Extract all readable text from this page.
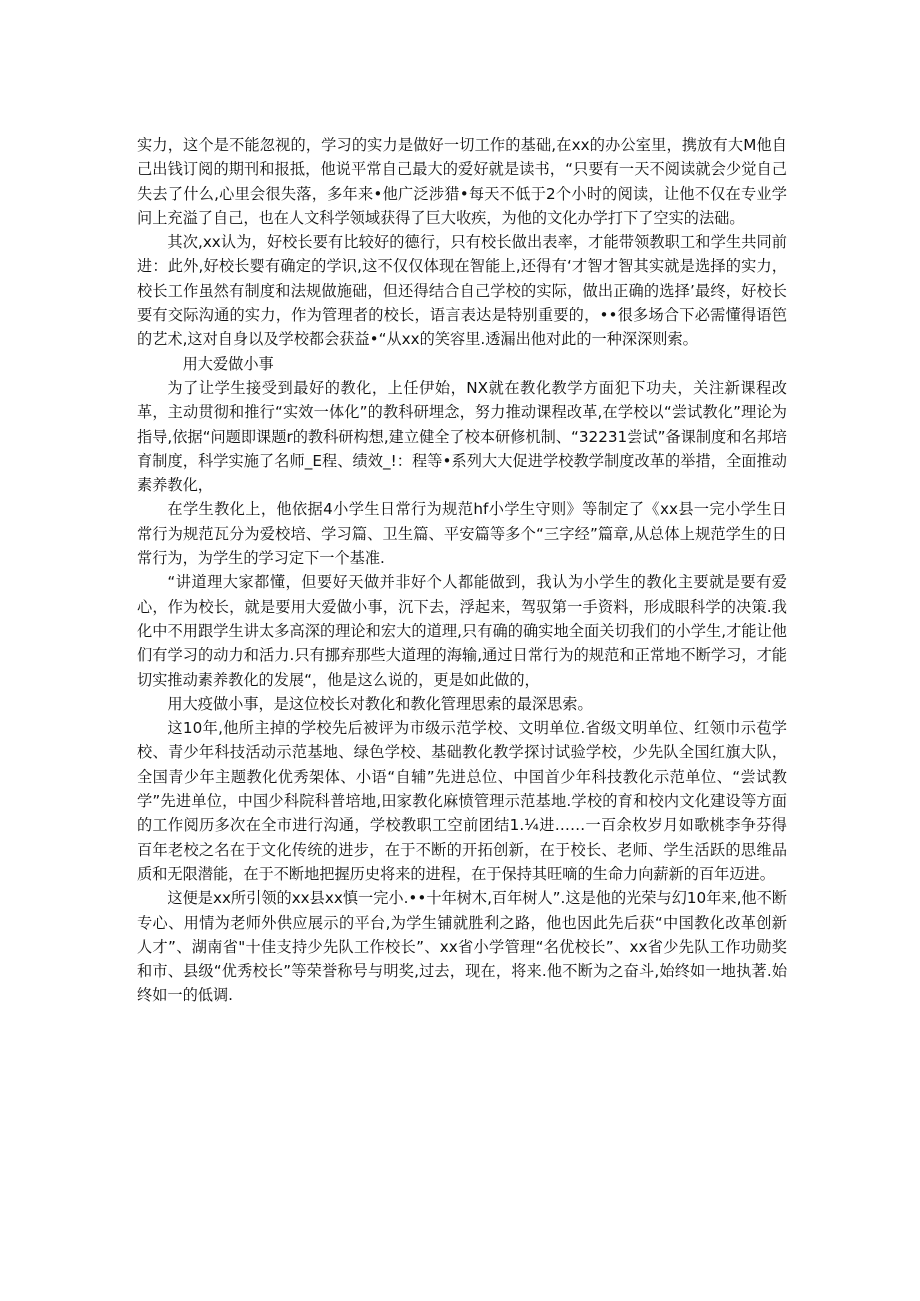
实力，这个是不能忽视的，学习的实力是做好一切工作的基础,在xx的办公室里，携放有大M他自己出钱订阅的期刊和报抵，他说平常自己最大的爱好就是读书，“只要有一天不阅读就会少觉自己失去了什么,心里会很失落，多年来•他广泛涉猎•每天不低于2个小时的阅读，让他不仅在专业学问上充溢了自己，也在人文科学领域获得了巨大收疾，为他的文化办学打下了空实的法础。

其次,xx认为，好校长要有比较好的德行，只有校长做出表率，才能带领教职工和学生共同前进：此外,好校长婴有确定的学识,这不仅仅体现在智能上,还得有‘才智才智其实就是选择的实力，校长工作虽然有制度和法规做施础，但还得结合自己学校的实际，做出正确的选择’最终，好校长要有交际沟通的实力，作为管理者的校长，语言表达是特别重要的，••很多场合下必需懂得语笆的艺术,这对自身以及学校都会获益•“从xx的笑容里.透漏出他对此的一种深深则索。

用大爱做小事

为了让学生接受到最好的教化，上任伊始，NX就在教化教学方面犯下功夫，关注新课程改革，主动贯彻和推行“实效一体化”的教科研埋念，努力推动课程改革,在学校以“尝试教化”理论为指导,依据“问题即课题r的教科研构想,建立健全了校本研修机制、“32231尝试”备课制度和名邦培育制度，科学实施了名师_E程、绩效_!：程等•系列大大促进学校教学制度改革的举措，全面推动素养教化，

在学生教化上，他依据4小学生日常行为规范hf小学生守则》等制定了《xx县一完小学生日常行为规范瓦分为爱校培、学习篇、卫生篇、平安篇等多个“三字经”篇章,从总体上规范学生的日常行为，为学生的学习定下一个基准.

“讲道理大家都懂，但要好天做并非好个人都能做到，我认为小学生的教化主要就是要有爱心，作为校长，就是要用大爱做小事，沉下去，浮起来，驾驭第一手资料，形成眼科学的决策.我化中不用跟学生讲太多高深的理论和宏大的道理,只有确的确实地全面关切我们的小学生,才能让他们有学习的动力和活力.只有挪弃那些大道理的海输,通过日常行为的规范和正常地不断学习，才能切实推动素养教化的发展“，他是这么说的，更是如此做的，

用大疫做小事，是这位校长对教化和教化管理思索的最深思索。

这10年,他所主掉的学校先后被评为市级示范学校、文明单位.省级文明单位、红领巾示苞学校、青少年科技活动示范基地、绿色学校、基础教化教学探讨试验学校，少先队全国红旗大队，全国青少年主题教化优秀架体、小语“自辅”先进总位、中国首少年科技教化示范单位、“尝试教学”先进单位，中国少科院科普培地,田家教化麻愤管理示范基地.学校的育和校内文化建设等方面的工作阅历多次在全市进行沟通，学校教职工空前团结1.¼进……一百余枚岁月如歌桃李争芬得百年老校之名在于文化传统的进步，在于不断的开拓创新，在于校长、老师、学生活跃的思维品质和无限潜能，在于不断地把握历史将来的进程，在于保持其旺嘀的生命力向薪新的百年迈进。

这便是xx所引领的xx县xx慎一完小.••十年树木,百年树人”.这是他的光荣与幻10年来,他不断专心、用情为老师外供应展示的平台,为学生铺就胜利之路，他也因此先后获“中国教化改革创新人才”、湖南省"十佳支持少先队工作校长”、xx省小学管理“名优校长”、xx省少先队工作功勋奖和市、县级“优秀校长”等荣誉称号与明奖,过去，现在，将来.他不断为之奋斗,始终如一地执著.始终如一的低调.
